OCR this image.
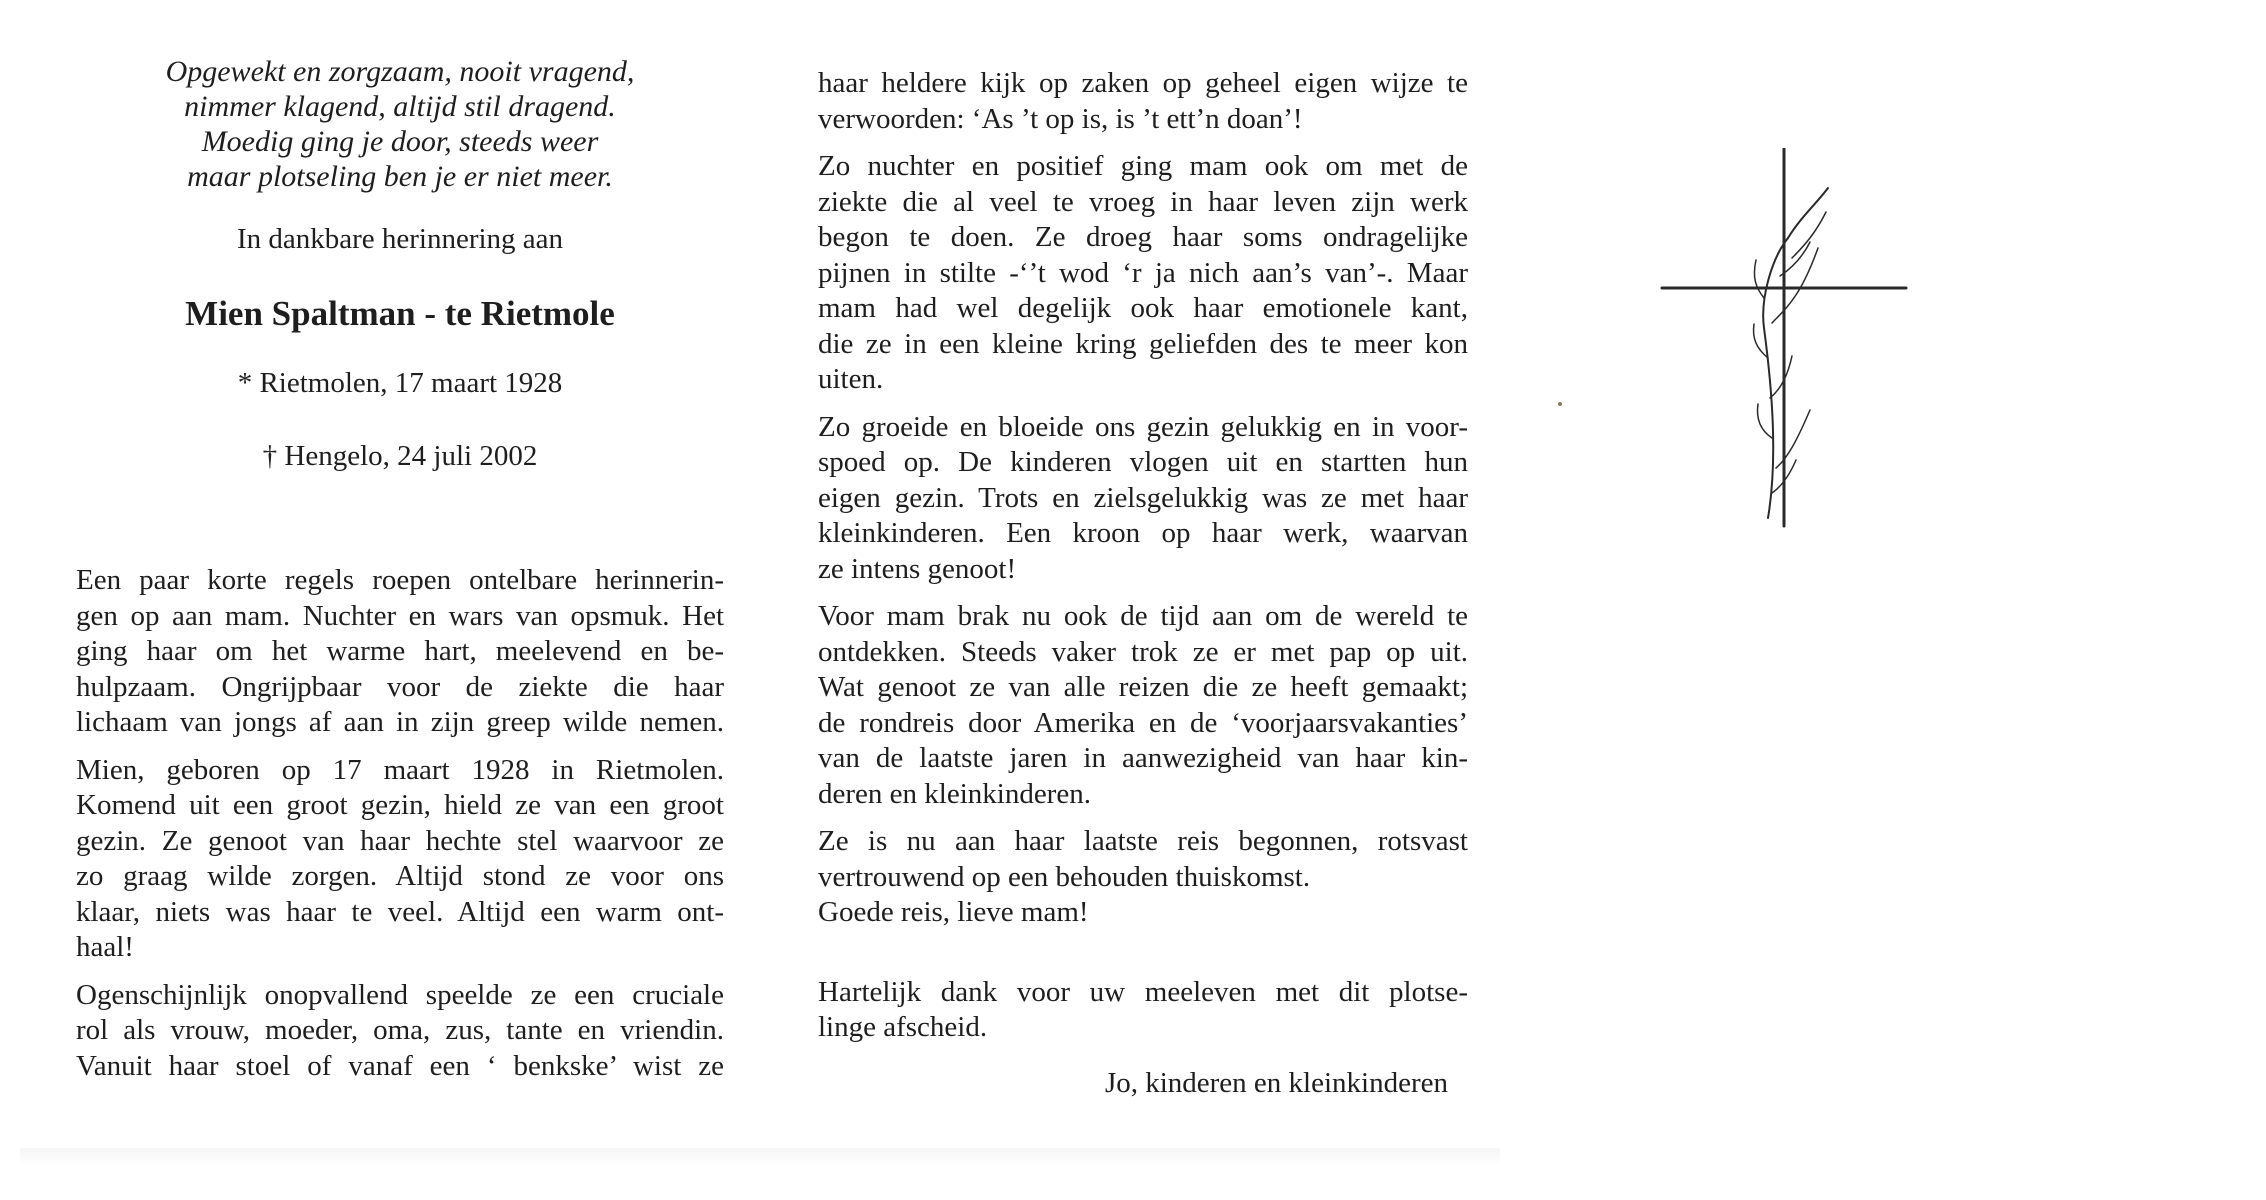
Opgewekt en zorgzaam, nooit vragend,
nimmer klagend, altijd stil dragend.
Moedig ging je door, steeds weer
maar plotseling ben je er niet meer.
In dankbare herinnering aan
Mien Spaltman - te Rietmole
* Rietmolen, 17 maart 1928
† Hengelo, 24 juli 2002
Een paar korte regels roepen ontelbare herinnerin-
gen op aan mam. Nuchter en wars van opsmuk. Het
ging haar om het warme hart, meelevend en be-
hulpzaam. Ongrijpbaar voor de ziekte die haar
lichaam van jongs af aan in zijn greep wilde nemen.
Mien, geboren op 17 maart 1928 in Rietmolen.
Komend uit een groot gezin, hield ze van een groot
gezin. Ze genoot van haar hechte stel waarvoor ze
zo graag wilde zorgen. Altijd stond ze voor ons
klaar, niets was haar te veel. Altijd een warm ont-
haal!
Ogenschijnlijk onopvallend speelde ze een cruciale
rol als vrouw, moeder, oma, zus, tante en vriendin.
Vanuit haar stoel of vanaf een ‘ benkske’ wist ze
haar heldere kijk op zaken op geheel eigen wijze te
verwoorden: ‘As ’t op is, is ’t ett’n doan’!
Zo nuchter en positief ging mam ook om met de
ziekte die al veel te vroeg in haar leven zijn werk
begon te doen. Ze droeg haar soms ondragelijke
pijnen in stilte -‘’t wod ‘r ja nich aan’s van’-. Maar
mam had wel degelijk ook haar emotionele kant,
die ze in een kleine kring geliefden des te meer kon
uiten.
Zo groeide en bloeide ons gezin gelukkig en in voor-
spoed op. De kinderen vlogen uit en startten hun
eigen gezin. Trots en zielsgelukkig was ze met haar
kleinkinderen. Een kroon op haar werk, waarvan
ze intens genoot!
Voor mam brak nu ook de tijd aan om de wereld te
ontdekken. Steeds vaker trok ze er met pap op uit.
Wat genoot ze van alle reizen die ze heeft gemaakt;
de rondreis door Amerika en de ‘voorjaarsvakanties’
van de laatste jaren in aanwezigheid van haar kin-
deren en kleinkinderen.
Ze is nu aan haar laatste reis begonnen, rotsvast
vertrouwend op een behouden thuiskomst.
Goede reis, lieve mam!
Hartelijk dank voor uw meeleven met dit plotse-
linge afscheid.
Jo, kinderen en kleinkinderen
